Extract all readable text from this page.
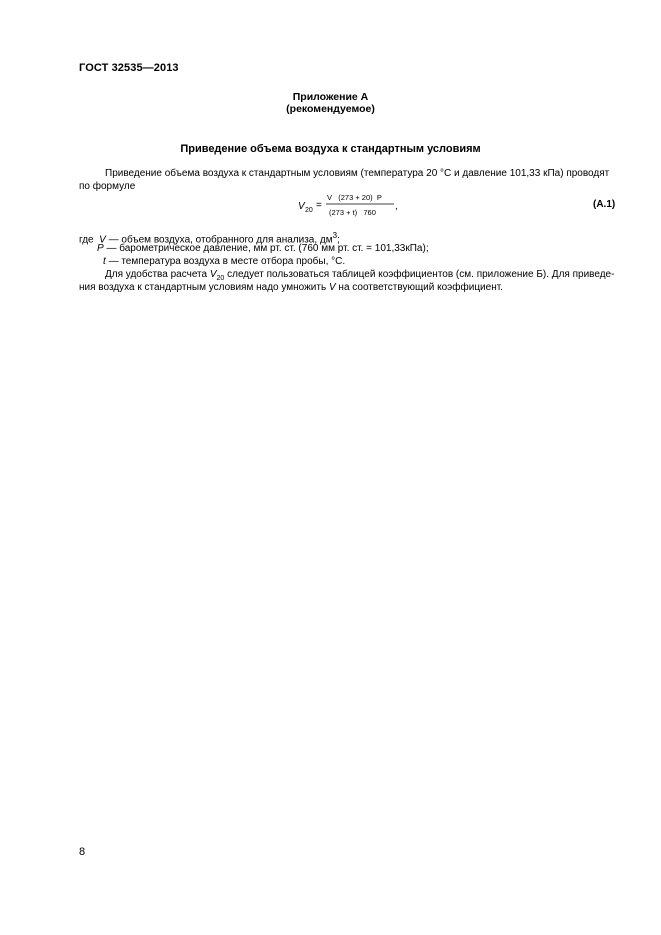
ГОСТ 32535—2013
Приложение А
(рекомендуемое)
Приведение объема воздуха к стандартным условиям
Приведение объема воздуха к стандартным условиям (температура 20 °С и давление 101,33 кПа) проводят
по формуле
V 20 =
V   (273 + 20)  P
(273 + t)   760
,	(А.1)
где V — объем воздуха, отобранного для анализа, $дм^3$;
P — барометрическое давление, мм рт. ст. (760 мм рт. ст. = 101,33кПа);
t — температура воздуха в месте отбора пробы, °С.
Для удобства расчета $V_{20}$ следует пользоваться таблицей коэффициентов (см. приложение Б). Для приведе-
ния воздуха к стандартным условиям надо умножить V на соответствующий коэффициент.
8
